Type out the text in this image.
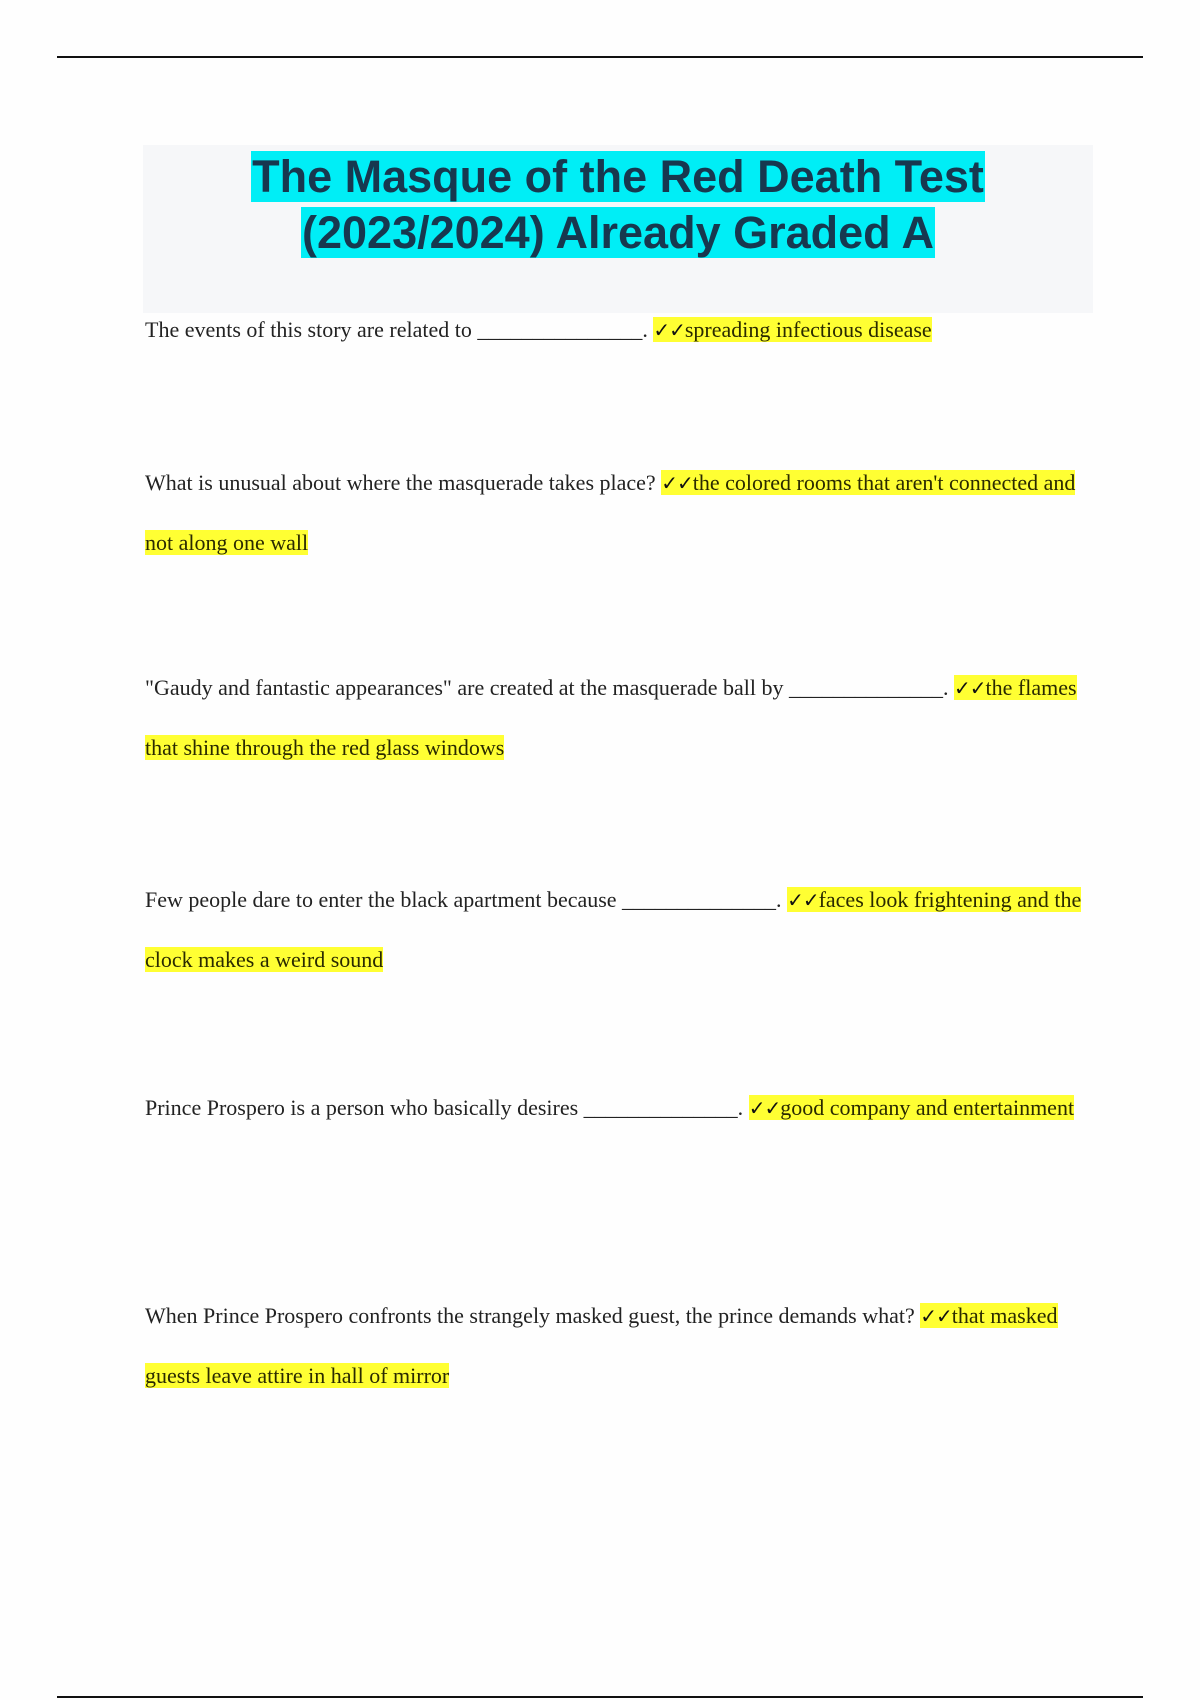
The Masque of the Red Death Test
(2023/2024) Already Graded A

The events of this story are related to _______________. ✓✓spreading infectious disease

What is unusual about where the masquerade takes place? ✓✓the colored rooms that aren't connected and not along one wall

"Gaudy and fantastic appearances" are created at the masquerade ball by ______________. ✓✓the flames that shine through the red glass windows

Few people dare to enter the black apartment because ______________. ✓✓faces look frightening and the clock makes a weird sound

Prince Prospero is a person who basically desires ______________. ✓✓good company and entertainment

When Prince Prospero confronts the strangely masked guest, the prince demands what? ✓✓that masked guests leave attire in hall of mirror
